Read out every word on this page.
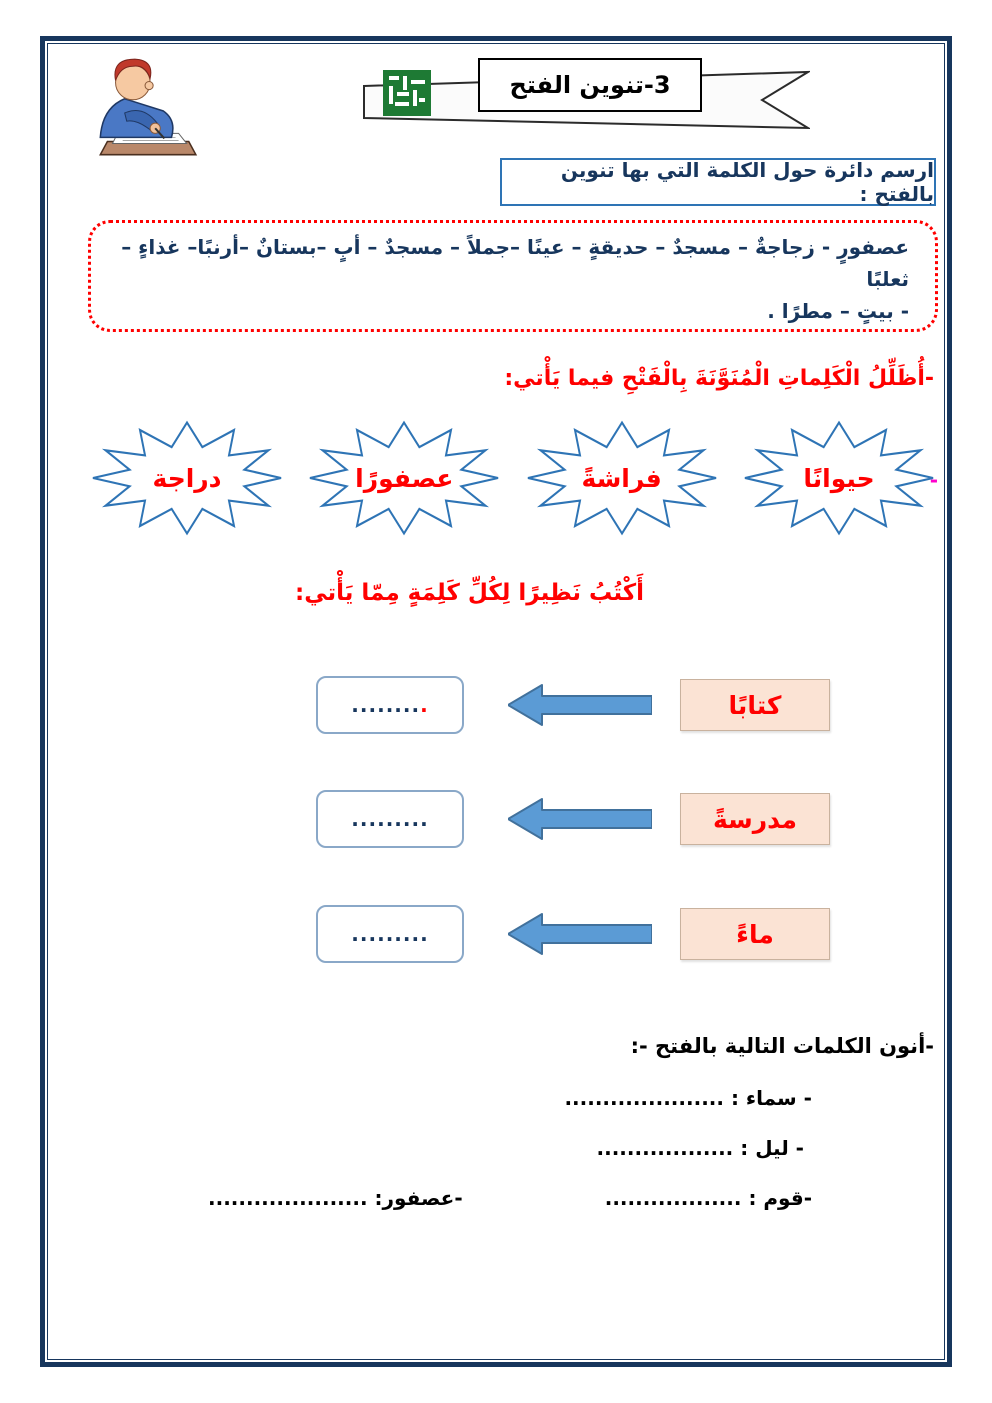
3-تنوين الفتح
ارسم دائرة حول الكلمة التي بها تنوين بالفتح :
عصفورٍ - زجاجةٌ – مسجدٌ – حديقةٍ – عينًا –جملاً – مسجدٌ – أبٍ –بستانٌ –أرنبًا– غذاءٍ – ثعلبًا
- بيتٍ – مطرًا .
-أُظَلِّلُ الْكَلِماتِ الْمُنَوَّنَةَ بِالْفَتْحِ فيما يَأْتي:
حيوانًا
فراشةً
عصفورًا
دراجة	-
أَكْتُبُ نَظِيرًا لِكُلِّ كَلِمَةٍ مِمّا يَأْتي:
........ .	كتابًا
.........	مدرسةً
.........	ماءً
-أنون الكلمات التالية بالفتح -:
- سماء : .....................
- ليل : ..................
-قوم : ..................
-عصفور: .....................
